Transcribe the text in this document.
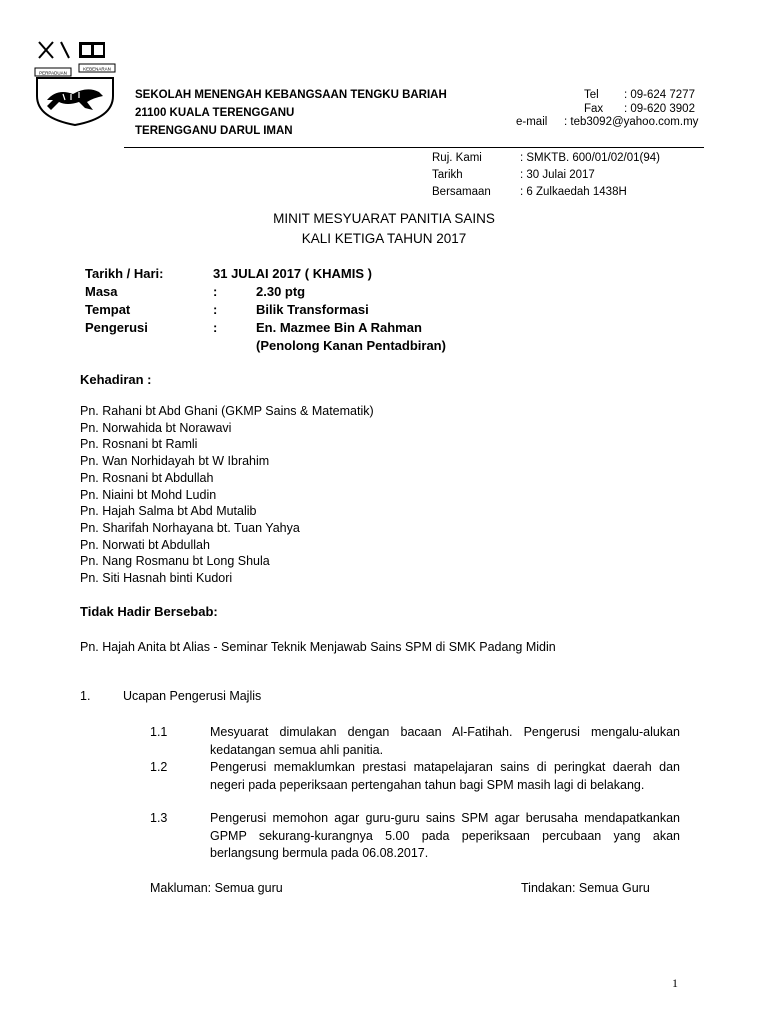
PERPADUAN
KEBENARAN
SEKOLAH MENENGAH KEBANGSAAN TENGKU BARIAH
21100 KUALA TERENGGANU
TERENGGANU DARUL IMAN
Tel	: 09-624 7277
Fax	: 09-620 3902
e-mail	: teb3092@yahoo.com.my
Ruj. Kami	: SMKTB. 600/01/02/01(94)
Tarikh	: 30 Julai 2017
Bersamaan	: 6 Zulkaedah 1438H
MINIT MESYUARAT PANITIA SAINS
KALI KETIGA TAHUN 2017
Tarikh / Hari:	31 JULAI 2017 ( KHAMIS )
Masa	:	2.30 ptg
Tempat	:	Bilik Transformasi
Pengerusi	:	En. Mazmee Bin A Rahman
(Penolong Kanan Pentadbiran)
Kehadiran :
Pn. Rahani bt Abd Ghani (GKMP Sains & Matematik)
Pn. Norwahida bt Norawavi
Pn. Rosnani bt Ramli
Pn. Wan Norhidayah bt W Ibrahim
Pn. Rosnani bt Abdullah
Pn. Niaini bt Mohd Ludin
Pn. Hajah Salma bt Abd Mutalib
Pn. Sharifah Norhayana bt. Tuan Yahya
Pn. Norwati bt Abdullah
Pn. Nang Rosmanu bt Long Shula
Pn. Siti Hasnah binti Kudori
Tidak Hadir Bersebab:
Pn. Hajah Anita bt Alias - Seminar Teknik Menjawab Sains SPM di SMK Padang Midin
1.	Ucapan Pengerusi Majlis
1.1	Mesyuarat dimulakan dengan bacaan Al-Fatihah. Pengerusi mengalu-alukan kedatangan semua ahli panitia.
1.2	Pengerusi memaklumkan prestasi matapelajaran sains di peringkat daerah dan negeri pada peperiksaan pertengahan tahun bagi SPM masih lagi di belakang.
1.3	Pengerusi memohon agar guru-guru sains SPM agar berusaha mendapatkankan GPMP sekurang-kurangnya 5.00 pada peperiksaan percubaan yang akan berlangsung bermula pada 06.08.2017.
Makluman: Semua guru	Tindakan: Semua Guru
1
